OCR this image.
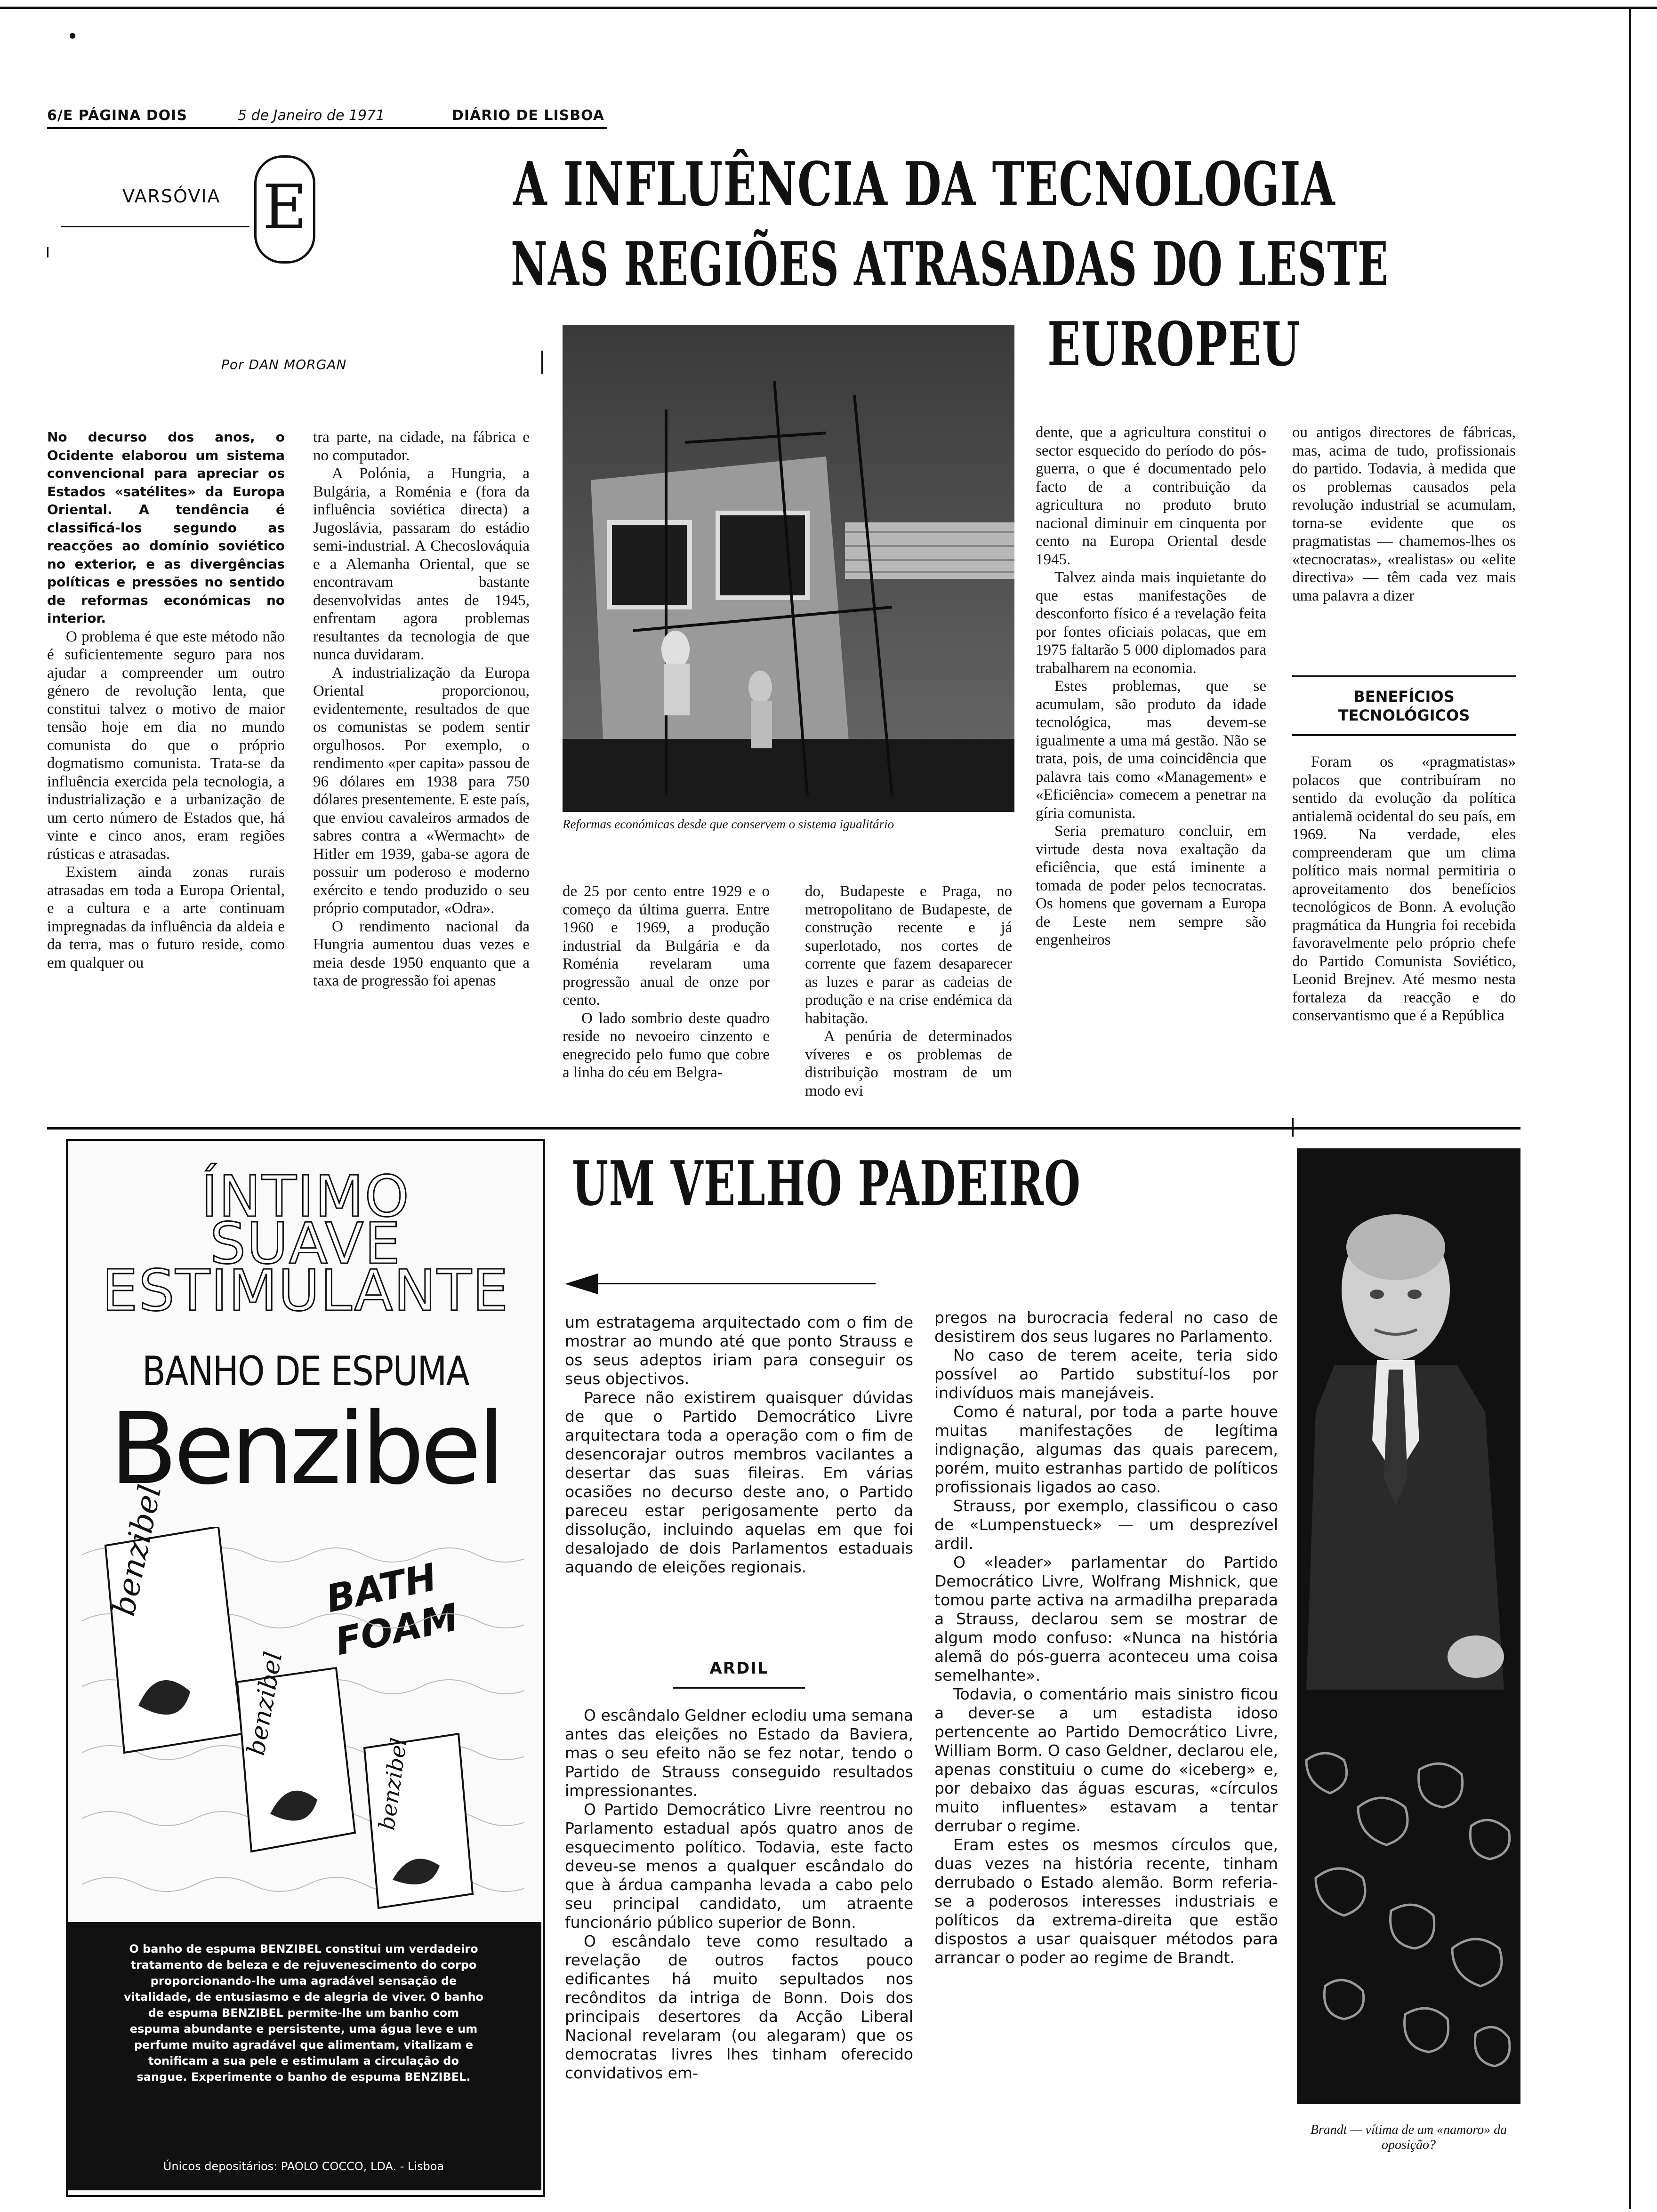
6/E PÁGINA DOIS	5 de Janeiro de 1971	DIÁRIO DE LISBOA
VARSÓVIA E	A INFLUÊNCIA DA TECNOLOGIA
NAS REGIÕES ATRASADAS DO LESTE
EUROPEU
Por DAN MORGAN
Reformas económicas desde que conservem o sistema igualitário

No decurso dos anos, o Ocidente elaborou um sistema convencional para apreciar os Estados «satélites» da Europa Oriental. A tendência é classificá-los segundo as reacções ao domínio soviético no exterior, e as divergências políticas e pressões no sentido de reformas económicas no interior.

O problema é que este método não é suficientemente seguro para nos ajudar a compreender um outro género de revolução lenta, que constitui talvez o motivo de maior tensão hoje em dia no mundo comunista do que o próprio dogmatismo comunista. Trata-se da influência exercida pela tecnologia, a industrialização e a urbanização de um certo número de Estados que, há vinte e cinco anos, eram regiões rústicas e atrasadas.

Existem ainda zonas rurais atrasadas em toda a Europa Oriental, e a cultura e a arte continuam impregnadas da influência da aldeia e da terra, mas o futuro reside, como em qualquer ou

tra parte, na cidade, na fábrica e no computador.

A Polónia, a Hungria, a Bulgária, a Roménia e (fora da influência soviética directa) a Jugoslávia, passaram do estádio semi-industrial. A Checoslováquia e a Alemanha Oriental, que se encontravam bastante desenvolvidas antes de 1945, enfrentam agora problemas resultantes da tecnologia de que nunca duvidaram.

A industrialização da Europa Oriental proporcionou, evidentemente, resultados de que os comunistas se podem sentir orgulhosos. Por exemplo, o rendimento «per capita» passou de 96 dólares em 1938 para 750 dólares presentemente. E este país, que enviou cavaleiros armados de sabres contra a «Wermacht» de Hitler em 1939, gaba-se agora de possuir um poderoso e moderno exército e tendo produzido o seu próprio computador, «Odra».

O rendimento nacional da Hungria aumentou duas vezes e meia desde 1950 enquanto que a taxa de progressão foi apenas

de 25 por cento entre 1929 e o começo da última guerra. Entre 1960 e 1969, a produção industrial da Bulgária e da Roménia revelaram uma progressão anual de onze por cento.

O lado sombrio deste quadro reside no nevoeiro cinzento e enegrecido pelo fumo que cobre a linha do céu em Belgra-

do, Budapeste e Praga, no metropolitano de Budapeste, de construção recente e já superlotado, nos cortes de corrente que fazem desaparecer as luzes e parar as cadeias de produção e na crise endémica da habitação.

A penúria de determinados víveres e os problemas de distribuição mostram de um modo evi

dente, que a agricultura constitui o sector esquecido do período do pós-guerra, o que é documentado pelo facto de a contribuição da agricultura no produto bruto nacional diminuir em cinquenta por cento na Europa Oriental desde 1945.

Talvez ainda mais inquietante do que estas manifestações de desconforto físico é a revelação feita por fontes oficiais polacas, que em 1975 faltarão 5 000 diplomados para trabalharem na economia.

Estes problemas, que se acumulam, são produto da idade tecnológica, mas devem-se igualmente a uma má gestão. Não se trata, pois, de uma coincidência que palavra tais como «Management» e «Eficiência» comecem a penetrar na gíria comunista.

Seria prematuro concluir, em virtude desta nova exaltação da eficiência, que está iminente a tomada de poder pelos tecnocratas. Os homens que governam a Europa de Leste nem sempre são engenheiros

ou antigos directores de fábricas, mas, acima de tudo, profissionais do partido. Todavia, à medida que os problemas causados pela revolução industrial se acumulam, torna-se evidente que os pragmatistas — chamemos-lhes os «tecnocratas», «realistas» ou «elite directiva» — têm cada vez mais uma palavra a dizer

BENEFÍCIOS
TECNOLÓGICOS

Foram os «pragmatistas» polacos que contribuíram no sentido da evolução da política antialemã ocidental do seu país, em 1969. Na verdade, eles compreenderam que um clima político mais normal permitiria o aproveitamento dos benefícios tecnológicos de Bonn. A evolução pragmática da Hungria foi recebida favoravelmente pelo próprio chefe do Partido Comunista Soviético, Leonid Brejnev. Até mesmo nesta fortaleza da reacção e do conservantismo que é a República

ÍNTIMO
SUAVE
ESTIMULANTE
BANHO DE ESPUMA
Benzibel
BATH FOAM
benzibel
benzibel
benzibel
O banho de espuma BENZIBEL constitui um verdadeiro tratamento de beleza e de rejuvenescimento do corpo proporcionando-lhe uma agradável sensação de vitalidade, de entusiasmo e de alegria de viver. O banho de espuma BENZIBEL permite-lhe um banho com espuma abundante e persistente, uma água leve e um perfume muito agradável que alimentam, vitalizam e tonificam a sua pele e estimulam a circulação do sangue. Experimente o banho de espuma BENZIBEL.
Únicos depositários: PAOLO COCCO, LDA. - Lisboa
UM VELHO PADEIRO

um estratagema arquitectado com o fim de mostrar ao mundo até que ponto Strauss e os seus adeptos iriam para conseguir os seus objectivos.

Parece não existirem quaisquer dúvidas de que o Partido Democrático Livre arquitectara toda a operação com o fim de desencorajar outros membros vacilantes a desertar das suas fileiras. Em várias ocasiões no decurso deste ano, o Partido pareceu estar perigosamente perto da dissolução, incluindo aquelas em que foi desalojado de dois Parlamentos estaduais aquando de eleições regionais.

ARDIL

O escândalo Geldner eclodiu uma semana antes das eleições no Estado da Baviera, mas o seu efeito não se fez notar, tendo o Partido de Strauss conseguido resultados impressionantes.

O Partido Democrático Livre reentrou no Parlamento estadual após quatro anos de esquecimento político. Todavia, este facto deveu-se menos a qualquer escândalo do que à árdua campanha levada a cabo pelo seu principal candidato, um atraente funcionário público superior de Bonn.

O escândalo teve como resultado a revelação de outros factos pouco edificantes há muito sepultados nos recônditos da intriga de Bonn. Dois dos principais desertores da Acção Liberal Nacional revelaram (ou alegaram) que os democratas livres lhes tinham oferecido convidativos em-

pregos na burocracia federal no caso de desistirem dos seus lugares no Parlamento.

No caso de terem aceite, teria sido possível ao Partido substituí-los por indivíduos mais manejáveis.

Como é natural, por toda a parte houve muitas manifestações de legítima indignação, algumas das quais parecem, porém, muito estranhas partido de políticos profissionais ligados ao caso.

Strauss, por exemplo, classificou o caso de «Lumpenstueck» — um desprezível ardil.

O «leader» parlamentar do Partido Democrático Livre, Wolfrang Mishnick, que tomou parte activa na armadilha preparada a Strauss, declarou sem se mostrar de algum modo confuso: «Nunca na história alemã do pós-guerra aconteceu uma coisa semelhante».

Todavia, o comentário mais sinistro ficou a dever-se a um estadista idoso pertencente ao Partido Democrático Livre, William Borm. O caso Geldner, declarou ele, apenas constituiu o cume do «iceberg» e, por debaixo das águas escuras, «círculos muito influentes» estavam a tentar derrubar o regime.

Eram estes os mesmos círculos que, duas vezes na história recente, tinham derrubado o Estado alemão. Borm referia-se a poderosos interesses industriais e políticos da extrema-direita que estão dispostos a usar quaisquer métodos para arrancar o poder ao regime de Brandt.

Brandt — vítima de um «namoro» da oposição?
